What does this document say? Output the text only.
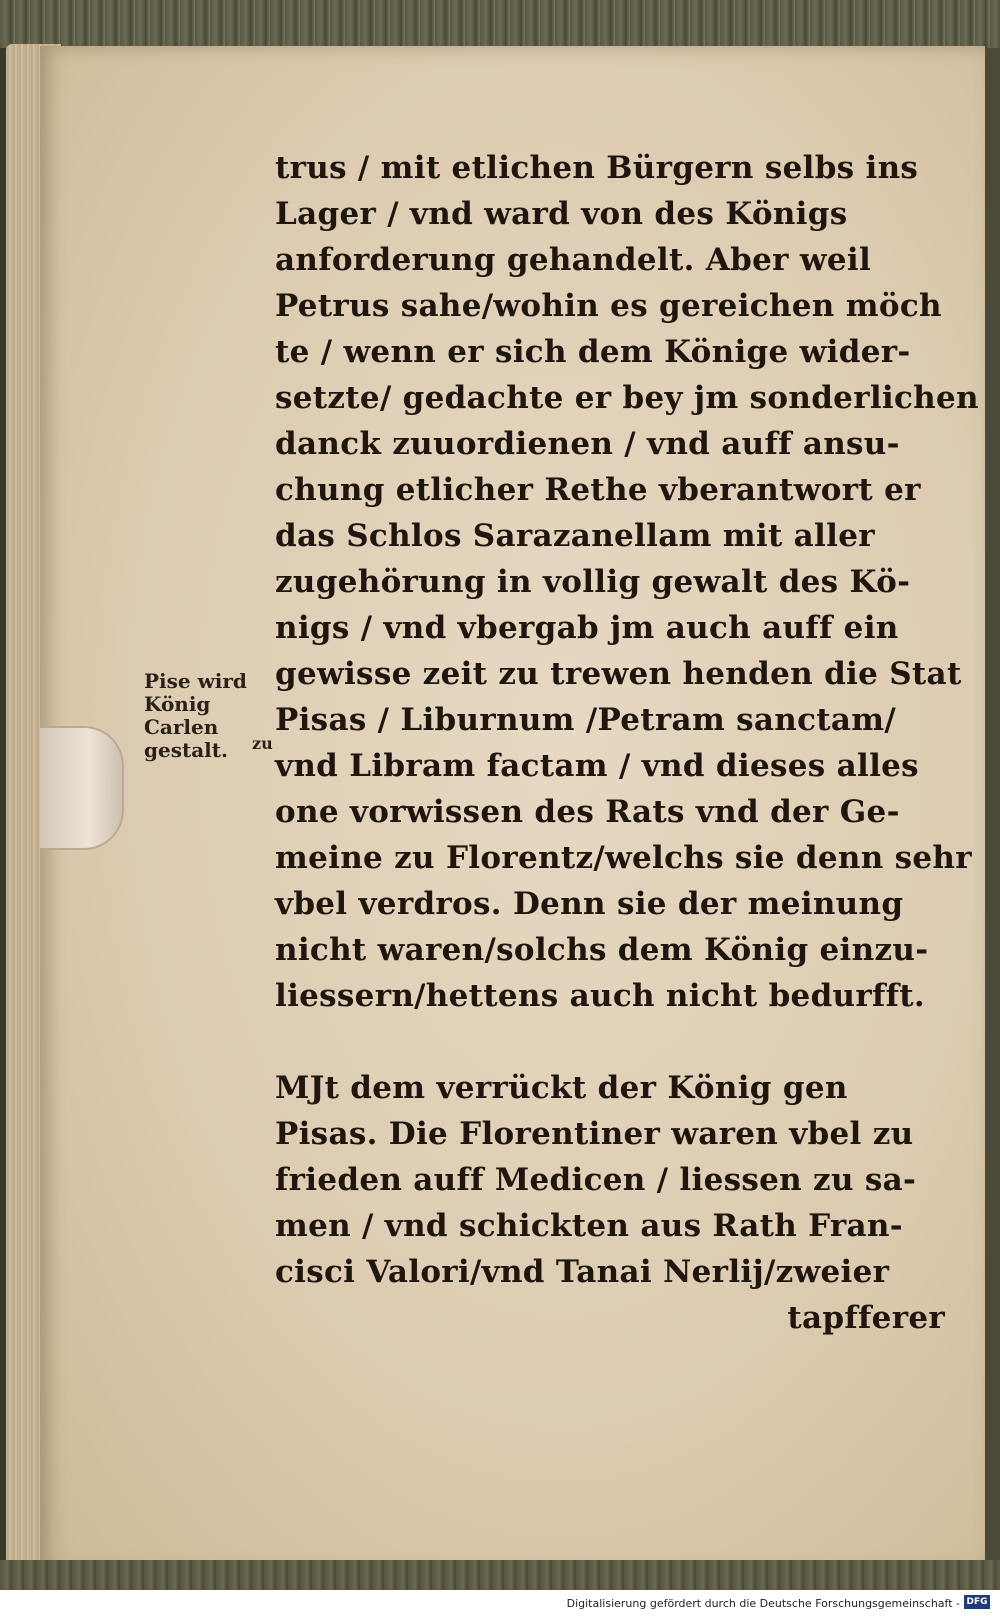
Pise wird
König
Carlen
gestalt.	zu
trus / mit etlichen Bürgern selbs ins
Lager / vnd ward von des Königs
anforderung gehandelt. Aber weil
Petrus sahe/wohin es gereichen möch
te / wenn er sich dem Könige wider-
setzte/ gedachte er bey jm sonderlichen
danck zuuordienen / vnd auff ansu-
chung etlicher Rethe vberantwort er
das Schlos Sarazanellam mit aller
zugehörung in vollig gewalt des Kö-
nigs / vnd vbergab jm auch auff ein
gewisse zeit zu trewen henden die Stat
Pisas / Liburnum /Petram sanctam/
vnd Libram factam / vnd dieses alles
one vorwissen des Rats vnd der Ge-
meine zu Florentz/welchs sie denn sehr
vbel verdros. Denn sie der meinung
nicht waren/solchs dem König einzu-
liessern/hettens auch nicht bedurfft.
MJt dem verrückt der König gen
Pisas. Die Florentiner waren vbel zu
frieden auff Medicen / liessen zu sa-
men / vnd schickten aus Rath Fran-
cisci Valori/vnd Tanai Nerlij/zweier
tapfferer
Digitalisierung gefördert durch die Deutsche Forschungsgemeinschaft - DFG
